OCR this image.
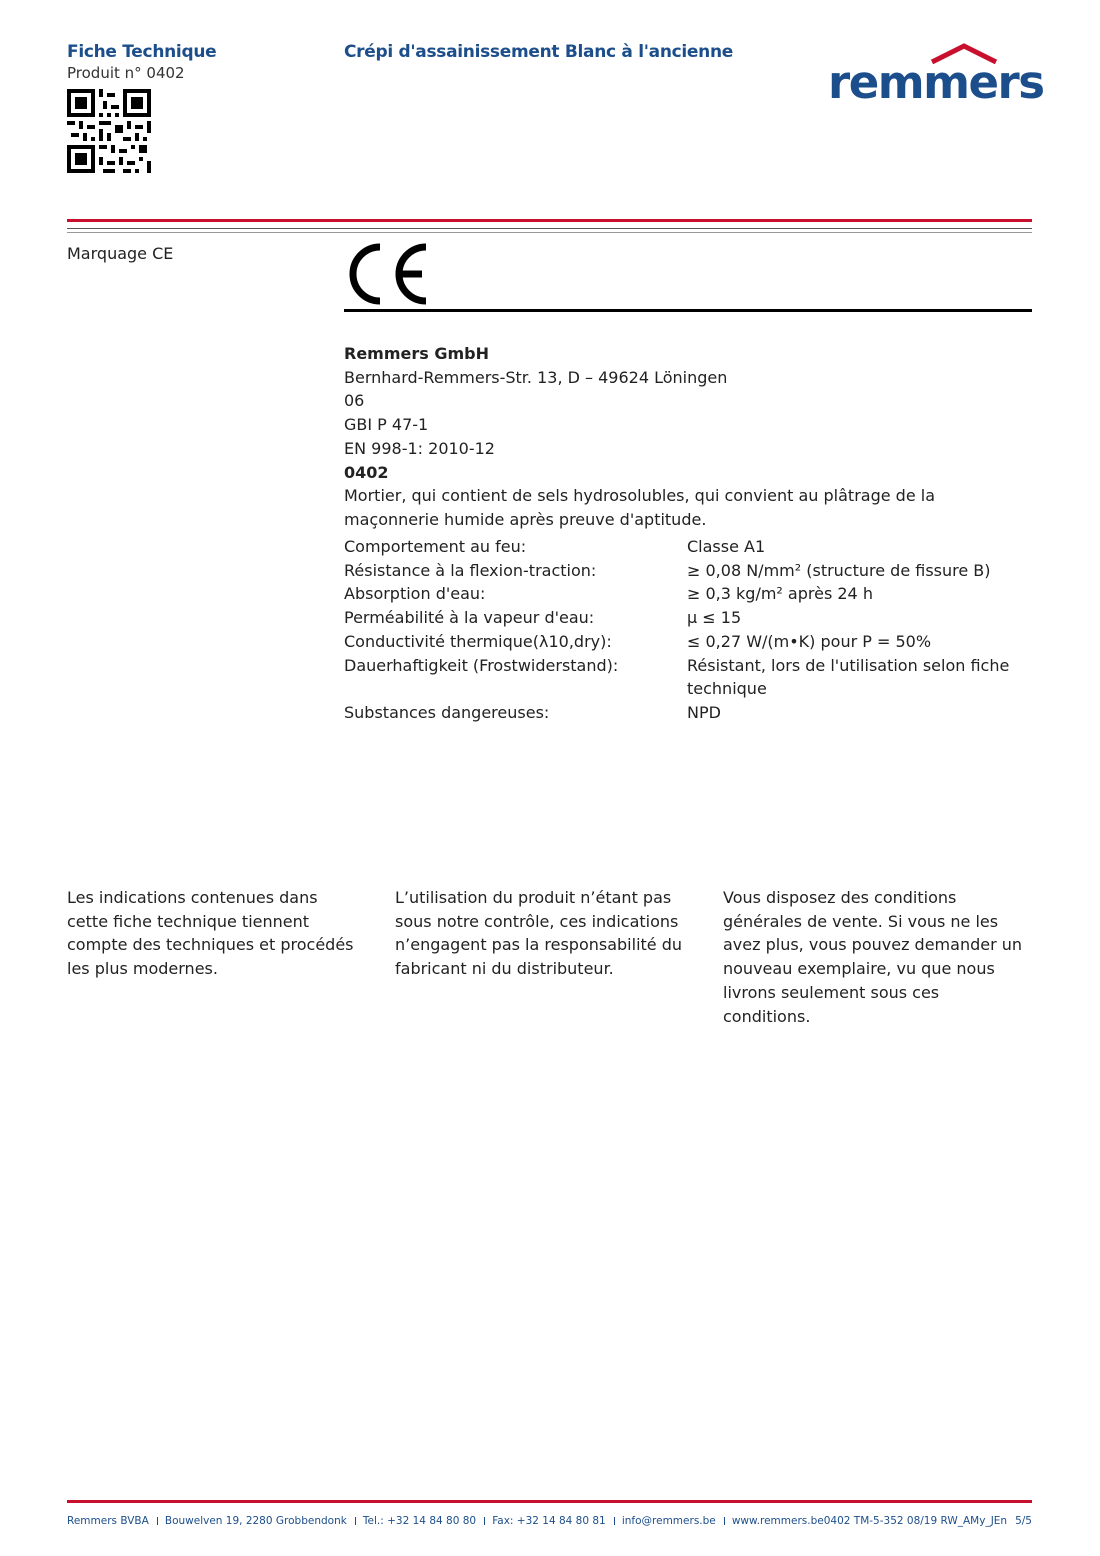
Fiche Technique
Produit n° 0402
Crépi d'assainissement Blanc à l'ancienne
remmers
Marquage CE
Remmers GmbH
Bernhard-Remmers-Str. 13, D – 49624 Löningen
06
GBI P 47-1
EN 998-1: 2010-12
0402
Mortier, qui contient de sels hydrosolubles, qui convient au plâtrage de la maçonnerie humide après preuve d'aptitude.
Comportement au feu:	Classe A1
Résistance à la flexion-traction:	≥ 0,08 N/mm² (structure de fissure B)
Absorption d'eau:	≥ 0,3 kg/m² après 24 h
Perméabilité à la vapeur d'eau:	μ ≤ 15
Conductivité thermique(λ10,dry):	≤ 0,27 W/(m•K) pour P = 50%
Dauerhaftigkeit (Frostwiderstand):	Résistant, lors de l'utilisation selon fiche technique
Substances dangereuses:	NPD
Les indications contenues dans cette fiche technique tiennent compte des techniques et procédés les plus modernes.
L’utilisation du produit n’étant pas sous notre contrôle, ces indications n’engagent pas la responsabilité du fabricant ni du distributeur.
Vous disposez des conditions générales de vente. Si vous ne les avez plus, vous pouvez demander un nouveau exemplaire, vu que nous livrons seulement sous ces conditions.
Remmers BVBA Bouwelven 19, 2280 Grobbendonk Tel.: +32 14 84 80 80 Fax: +32 14 84 80 81 info@remmers.be www.remmers.be 0402 TM-5-352 08/19 RW_AMy_JEn 5/5
